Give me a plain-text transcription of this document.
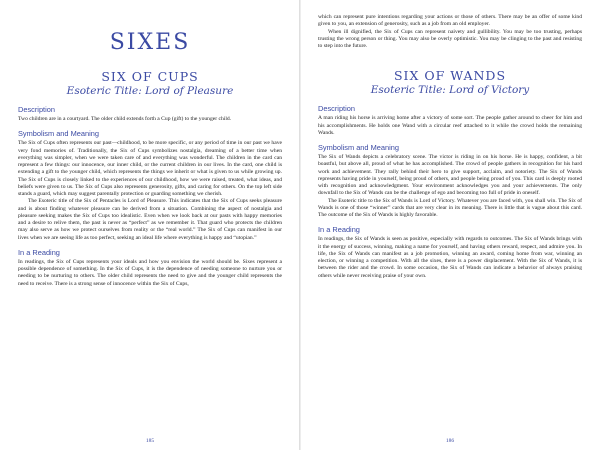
SIXES
SIX OF CUPS
Esoteric Title: Lord of Pleasure
Description

Two children are in a courtyard. The older child extends forth a Cup (gift) to the younger child.

Symbolism and Meaning

The Six of Cups often represents our past—childhood, to be more specific, or any period of time in our past we have very fond memories of. Traditionally, the Six of Cups symbolizes nostalgia, dreaming of a better time when everything was simpler, when we were taken care of and everything was wonderful. The children in the card can represent a few things: our innocence, our inner child, or the current children in our lives. In the card, one child is extending a gift to the younger child, which represents the things we inherit or what is given to us while growing up. The Six of Cups is closely linked to the experiences of our childhood, how we were raised, treated, what ideas, and beliefs were given to us. The Six of Cups also represents generosity, gifts, and caring for others. On the top left side stands a guard, which may suggest parentally protection or guarding something we cherish.

The Esoteric title of the Six of Pentacles is Lord of Pleasure. This indicates that the Six of Cups seeks pleasure and is about finding whatever pleasure can be derived from a situation. Combining the aspect of nostalgia and pleasure seeking makes the Six of Cups too idealistic. Even when we look back at our pasts with happy memories and a desire to relive them, the past is never as “perfect” as we remember it. That guard who protects the children may also serve as how we protect ourselves from reality or the “real world.” The Six of Cups can manifest in our lives when we are seeing life as too perfect, seeking an ideal life where everything is happy and “utopian.”

In a Reading

In readings, the Six of Cups represents your ideals and how you envision the world should be. Sixes represent a possible dependence of something. In the Six of Cups, it is the dependence of needing someone to nurture you or needing to be nurturing to others. The older child represents the need to give and the younger child represents the need to receive. There is a strong sense of innocence within the Six of Cups,

185

which can represent pure intentions regarding your actions or those of others. There may be an offer of some kind given to you, an extension of generosity, such as a job from an old employer.

When ill dignified, the Six of Cups can represent naivety and gullibility. You may be too trusting, perhaps trusting the wrong person or thing. You may also be overly optimistic. You may be clinging to the past and resisting to step into the future.

SIX OF WANDS
Esoteric Title: Lord of Victory
Description

A man riding his horse is arriving home after a victory of some sort. The people gather around to cheer for him and his accomplishments. He holds one Wand with a circular reef attached to it while the crowd holds the remaining Wands.

Symbolism and Meaning

The Six of Wands depicts a celebratory scene. The victor is riding in on his horse. He is happy, confident, a bit boastful, but above all, proud of what he has accomplished. The crowd of people gathers in recognition for his hard work and achievement. They rally behind their hero to give support, acclaim, and notoriety. The Six of Wands represents having pride in yourself, being proud of others, and people being proud of you. This card is deeply rooted with recognition and acknowledgment. Your environment acknowledges you and your achievements. The only downfall to the Six of Wands can be the challenge of ego and becoming too full of pride in oneself.

The Esoteric title to the Six of Wands is Lord of Victory. Whatever you are faced with, you shall win. The Six of Wands is one of those “winner” cards that are very clear in its meaning. There is little that is vague about this card. The outcome of the Six of Wands is highly favorable.

In a Reading

In readings, the Six of Wands is seen as positive, especially with regards to outcomes. The Six of Wands brings with it the energy of success, winning, making a name for yourself, and having others reward, respect, and admire you. In life, the Six of Wands can manifest as a job promotion, winning an award, coming home from war, winning an election, or winning a competition. With all the sixes, there is a power displacement. With the Six of Wands, it is between the rider and the crowd. In some occasion, the Six of Wands can indicate a behavior of always praising others while never receiving praise of your own.

186
